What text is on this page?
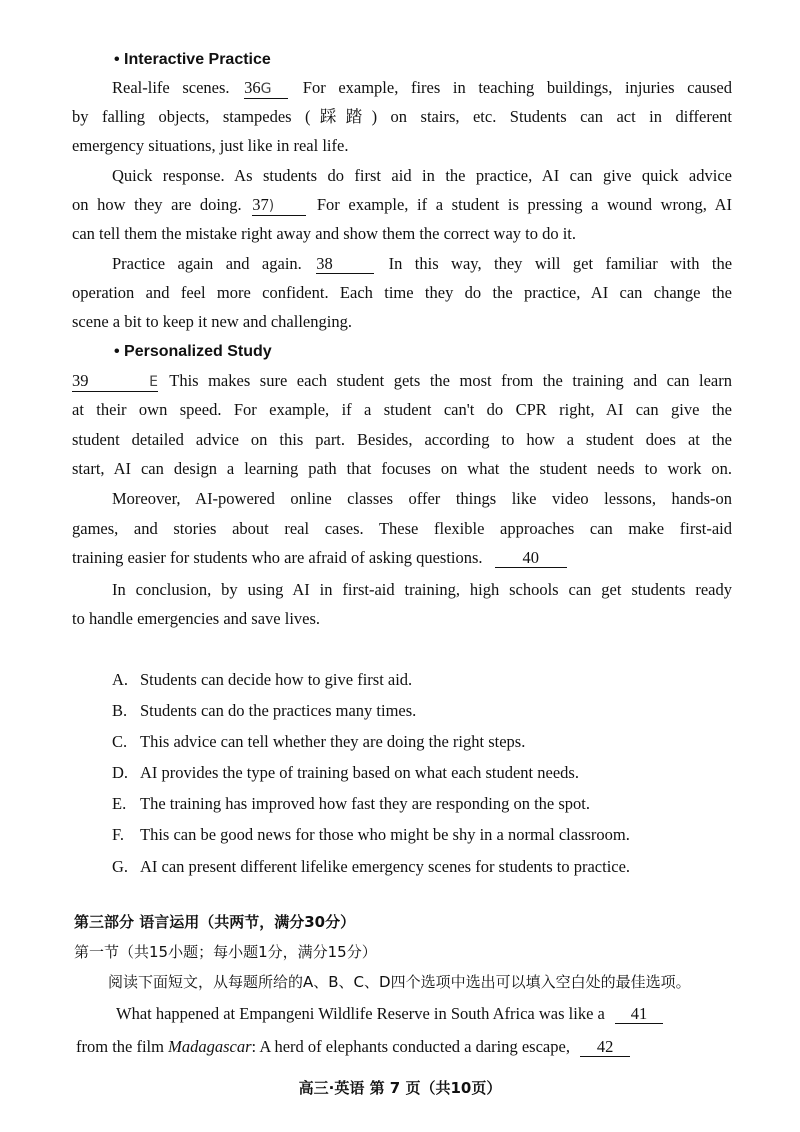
• Interactive Practice
Real-life scenes. 36G For example, fires in teaching buildings, injuries caused
by falling objects, stampedes (踩踏) on stairs, etc. Students can act in different
emergency situations, just like in real life.
Quick response. As students do first aid in the practice, AI can give quick advice
on how they are doing. 37)	For example, if a student is pressing a wound wrong, AI
can tell them the mistake right away and show them the correct way to do it.
Practice again and again. 38	In this way, they will get familiar with the
operation and feel more confident. Each time they do the practice, AI can change the
scene a bit to keep it new and challenging.
• Personalized Study
39	E This makes sure each student gets the most from the training and can learn
at their own speed. For example, if a student can't do CPR right, AI can give the
student detailed advice on this part. Besides, according to how a student does at the
start, AI can design a learning path that focuses on what the student needs to work on.
Moreover, AI-powered online classes offer things like video lessons, hands-on
games, and stories about real cases. These flexible approaches can make first-aid
training easier for students who are afraid of asking questions. 40
In conclusion, by using AI in first-aid training, high schools can get students ready
to handle emergencies and save lives.
A. Students can decide how to give first aid.
B. Students can do the practices many times.
C. This advice can tell whether they are doing the right steps.
D. AI provides the type of training based on what each student needs.
E. The training has improved how fast they are responding on the spot.
F. This can be good news for those who might be shy in a normal classroom.
G. AI can present different lifelike emergency scenes for students to practice.
第三部分 语言运用（共两节，满分30分）
第一节（共15小题；每小题1分，满分15分）
阅读下面短文，从每题所给的A、B、C、D四个选项中选出可以填入空白处的最佳选项。
What happened at Empangeni Wildlife Reserve in South Africa was like a 41
from the film Madagascar: A herd of elephants conducted a daring escape, 42
高三·英语 第 7 页（共10页）
